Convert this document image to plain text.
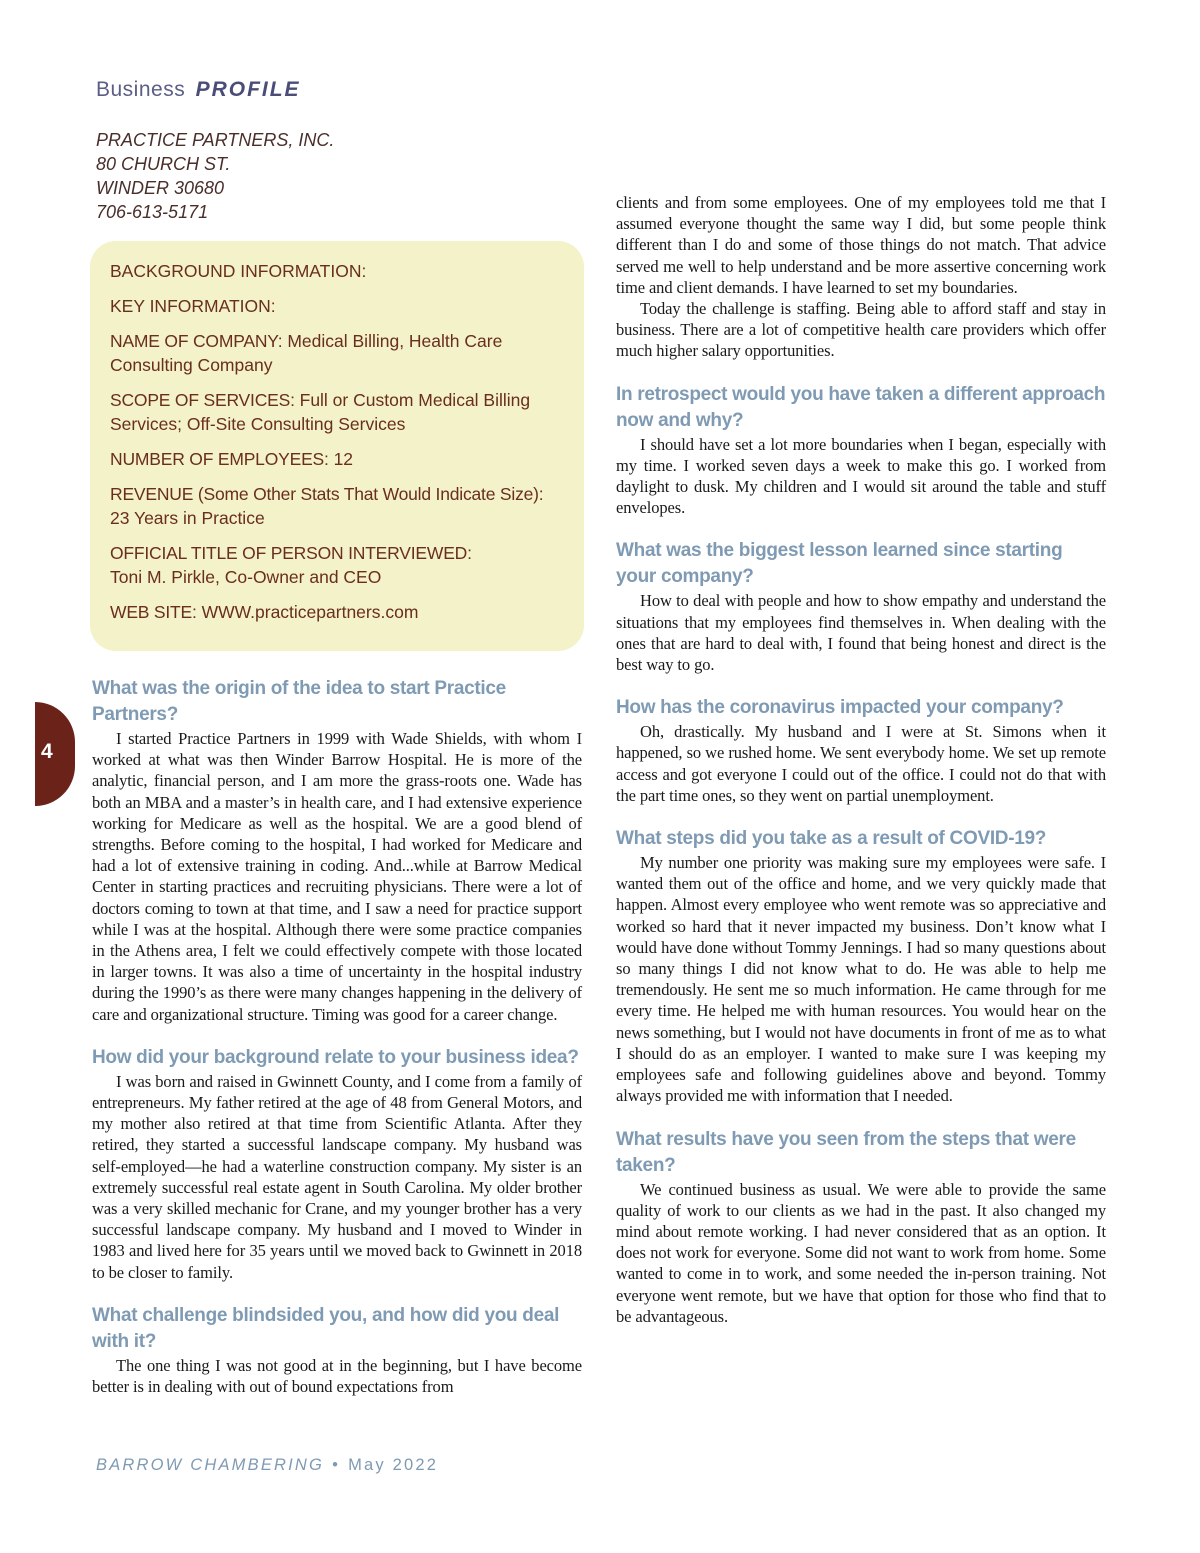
Business PROFILE
PRACTICE PARTNERS, INC.
80 CHURCH ST.
WINDER 30680
706-613-5171
BACKGROUND INFORMATION:
KEY INFORMATION:
NAME OF COMPANY: Medical Billing, Health Care Consulting Company
SCOPE OF SERVICES: Full or Custom Medical Billing Services; Off-Site Consulting Services
NUMBER OF EMPLOYEES: 12
REVENUE (Some Other Stats That Would Indicate Size):
23 Years in Practice
OFFICIAL TITLE OF PERSON INTERVIEWED:
Toni M. Pirkle, Co-Owner and CEO
WEB SITE: WWW.practicepartners.com
4
What was the origin of the idea to start Practice Partners?

I started Practice Partners in 1999 with Wade Shields, with whom I worked at what was then Winder Barrow Hospital. He is more of the analytic, financial person, and I am more the grass-roots one. Wade has both an MBA and a master’s in health care, and I had extensive experience working for Medicare as well as the hospital. We are a good blend of strengths. Before coming to the hospital, I had worked for Medicare and had a lot of extensive training in coding. And...while at Barrow Medical Center in starting practices and recruiting physicians. There were a lot of doctors coming to town at that time, and I saw a need for practice support while I was at the hospital. Although there were some practice companies in the Athens area, I felt we could effectively compete with those located in larger towns. It was also a time of uncertainty in the hospital industry during the 1990’s as there were many changes happening in the delivery of care and organizational structure. Timing was good for a career change.

How did your background relate to your business idea?

I was born and raised in Gwinnett County, and I come from a family of entrepreneurs. My father retired at the age of 48 from General Motors, and my mother also retired at that time from Scientific Atlanta. After they retired, they started a successful landscape company. My husband was self-employed—he had a waterline construction company. My sister is an extremely successful real estate agent in South Carolina. My older brother was a very skilled mechanic for Crane, and my younger brother has a very successful landscape company. My husband and I moved to Winder in 1983 and lived here for 35 years until we moved back to Gwinnett in 2018 to be closer to family.

What challenge blindsided you, and how did you deal with it?

The one thing I was not good at in the beginning, but I have become better is in dealing with out of bound expectations from

clients and from some employees. One of my employees told me that I assumed everyone thought the same way I did, but some people think different than I do and some of those things do not match. That advice served me well to help understand and be more assertive concerning work time and client demands. I have learned to set my boundaries.

Today the challenge is staffing. Being able to afford staff and stay in business. There are a lot of competitive health care providers which offer much higher salary opportunities.

In retrospect would you have taken a different approach now and why?

I should have set a lot more boundaries when I began, especially with my time. I worked seven days a week to make this go. I worked from daylight to dusk. My children and I would sit around the table and stuff envelopes.

What was the biggest lesson learned since starting your company?

How to deal with people and how to show empathy and understand the situations that my employees find themselves in. When dealing with the ones that are hard to deal with, I found that being honest and direct is the best way to go.

How has the coronavirus impacted your company?

Oh, drastically. My husband and I were at St. Simons when it happened, so we rushed home. We sent everybody home. We set up remote access and got everyone I could out of the office. I could not do that with the part time ones, so they went on partial unemployment.

What steps did you take as a result of COVID-19?

My number one priority was making sure my employees were safe. I wanted them out of the office and home, and we very quickly made that happen. Almost every employee who went remote was so appreciative and worked so hard that it never impacted my business. Don’t know what I would have done without Tommy Jennings. I had so many questions about so many things I did not know what to do. He was able to help me tremendously. He sent me so much information. He came through for me every time. He helped me with human resources. You would hear on the news something, but I would not have documents in front of me as to what I should do as an employer. I wanted to make sure I was keeping my employees safe and following guidelines above and beyond. Tommy always provided me with information that I needed.

What results have you seen from the steps that were taken?

We continued business as usual. We were able to provide the same quality of work to our clients as we had in the past. It also changed my mind about remote working. I had never considered that as an option. It does not work for everyone. Some did not want to work from home. Some wanted to come in to work, and some needed the in-person training. Not everyone went remote, but we have that option for those who find that to be advantageous.

BARROW CHAMBERING • May 2022
